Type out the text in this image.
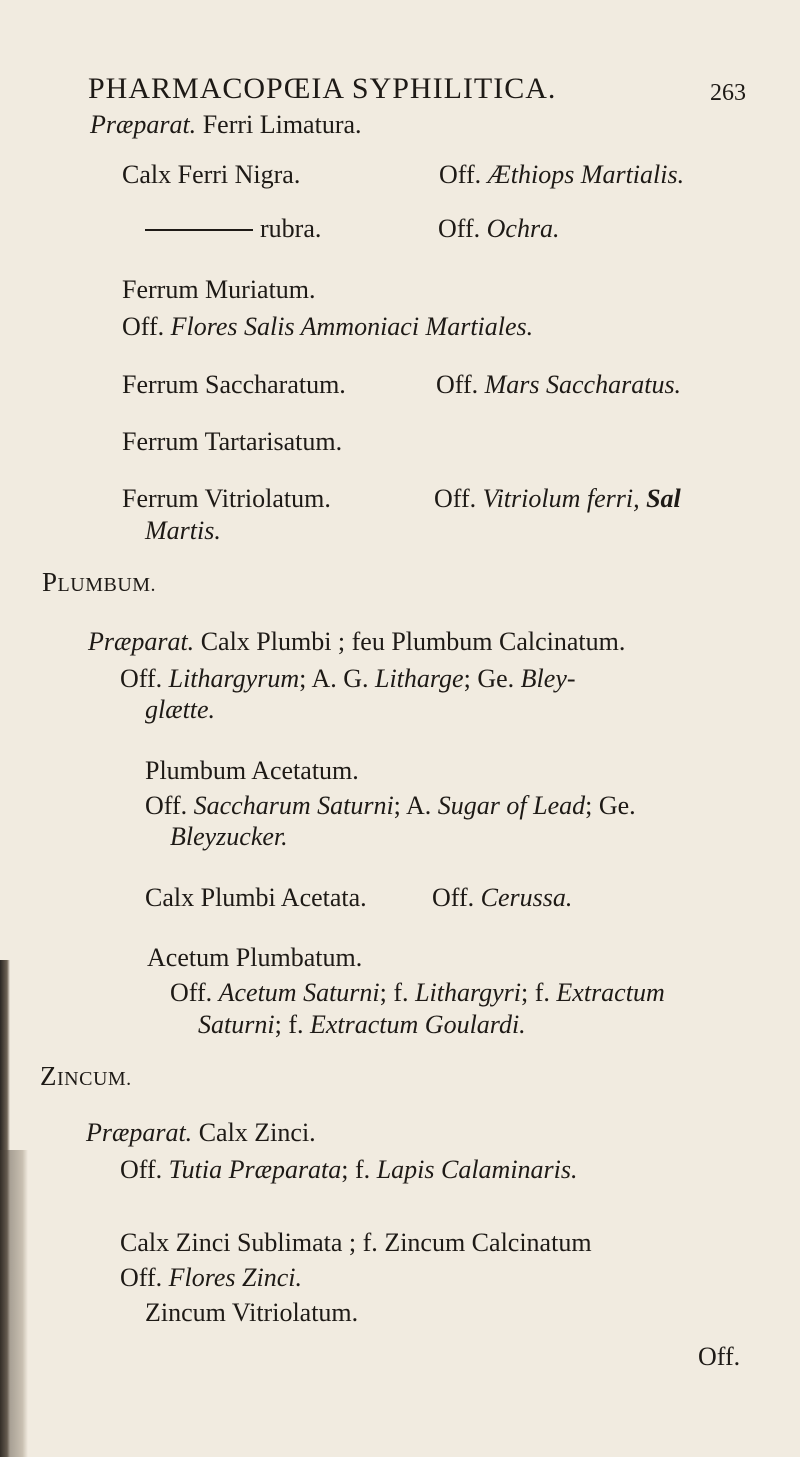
PHARMACOPŒIA SYPHILITICA.	263
Præparat. Ferri Limatura.
Calx Ferri Nigra.	Off. Æthiops Martialis.
rubra.	Off. Ochra.
Ferrum Muriatum.
Off. Flores Salis Ammoniaci Martiales.
Ferrum Saccharatum.	Off. Mars Saccharatus.
Ferrum Tartarisatum.
Ferrum Vitriolatum.	Off. Vitriolum ferri, Sal
Martis.
PLUMBUM.
Præparat. Calx Plumbi ; feu Plumbum Calcinatum.
Off. Lithargyrum; A. G. Litharge; Ge. Bley-
glætte.
Plumbum Acetatum.
Off. Saccharum Saturni; A. Sugar of Lead; Ge.
Bleyzucker.
Calx Plumbi Acetata.	Off. Cerussa.
Acetum Plumbatum.
Off. Acetum Saturni; f. Lithargyri; f. Extractum
Saturni; f. Extractum Goulardi.
ZINCUM.
Præparat. Calx Zinci.
Off. Tutia Præparata; f. Lapis Calaminaris.
Calx Zinci Sublimata ; f. Zincum Calcinatum
Off. Flores Zinci.
Zincum Vitriolatum.
Off.
